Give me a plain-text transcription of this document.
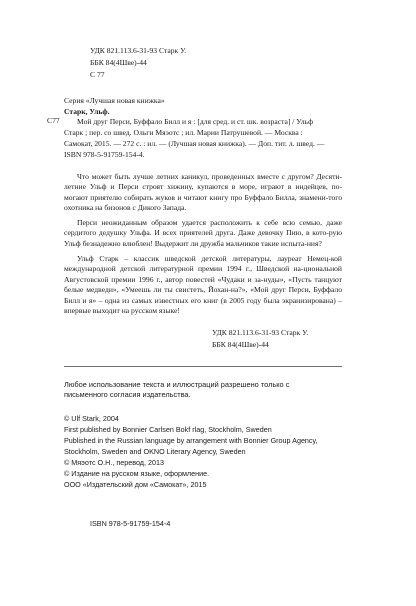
УДК 821.113.6-31-93 Старк У.
ББК 84(4Шве)-44
С 77
Серия «Лучшая новая книжка»
С77
Старк, Ульф.
Мой друг Перси, Буффало Билл и я : [для сред. и ст. шк. возраста] / Ульф
Старк ; пер. со швед. Ольги Мяэотс ; ил. Марии Патрушевой. — Москва :
Самокат, 2015. — 272 с. : ил. — (Лучшая новая книжка). — Доп. тит. л. швед. —
ISBN 978-5-91759-154-4.
Что может быть лучше летних каникул, проведенных вместе с другом? Десяти-летние Ульф и Перси строят хижину, купаются в море, играют в индейцев, по-могают приятелю собирать жуков и читают книгу про Буффало Билла, знамени-того охотника на бизонов с Дикого Запада.
Перси неожиданным образом удается расположить к себе всю семью, даже сердитого дедушку Ульфа. И всех приятелей друга. Даже девочку Пию, в кото-рую Ульф безнадежно влюблен! Выдержит ли дружба мальчиков такие испыта-ния?
Ульф Старк – классик шведской детской литературы, лауреат Немец-кой международной детской литературной премии 1994 г., Шведской на-циональной Августовской премии 1996 г., автор повестей «Чудаки и за-нуды», «Пусть танцуют белые медведи», «Умеешь ли ты свистеть, Йохан-на?», «Мой друг Перси, Буффало Билл и я» – одна из самых известных его книг (в 2005 году была экранизирована) – впервые выходит на русском языке!
УДК 821.113.6-31-93 Старк У.
ББК 84(4Шве)-44
Любое использование текста и иллюстраций разрешено только с письменного согласия издательства.
© Ulf Stark, 2004
First published by Bonnier Carlsen Bokf rlag, Stockholm, Sweden
Published in the Russian language by arrangement with Bonnier Group Agency,
Stockholm, Sweden and OKNO Literary Agency, Sweden
© Мяэотс О.Н., перевод, 2013
© Издание на русском языке, оформление.
ООО «Издательский дом «Самокат», 2015
ISBN 978-5-91759-154-4
